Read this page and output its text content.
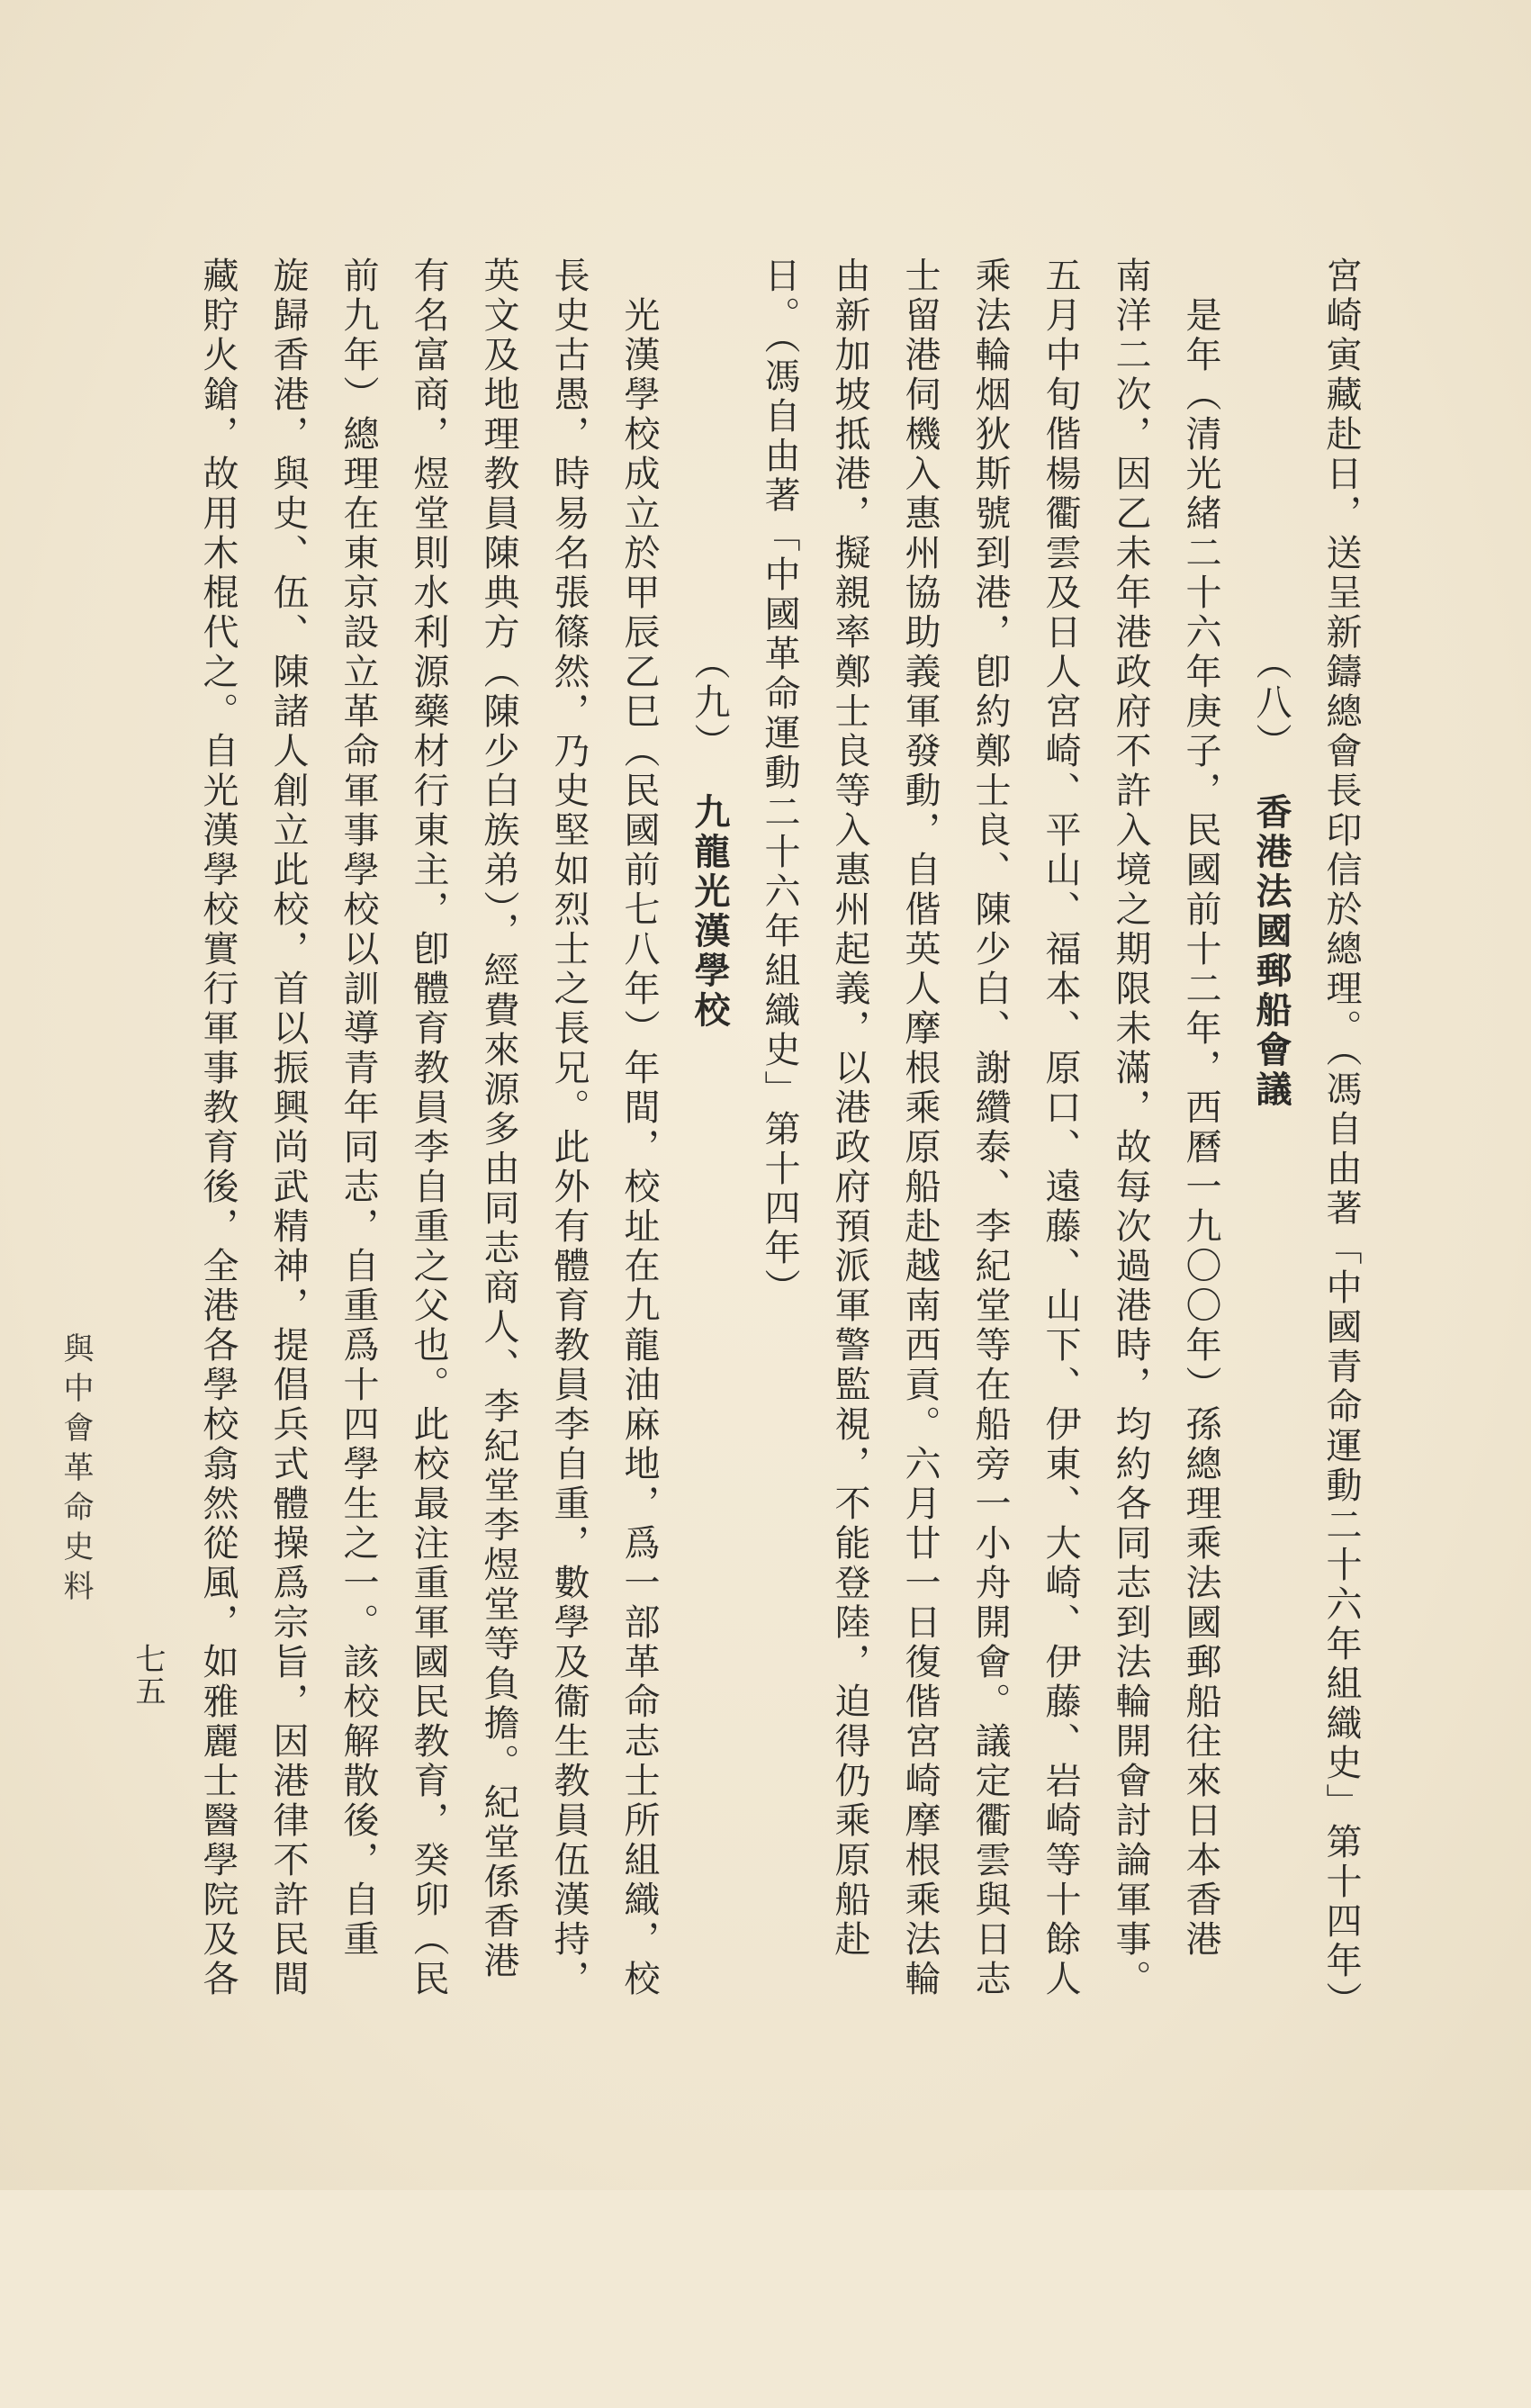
宮崎寅藏赴日，送呈新鑄總會長印信於總理。（馮自由著「中國青命運動二十六年組織史」第十四年）
（八）香港法國郵船會議
是年（清光緒二十六年庚子，民國前十二年，西曆一九〇〇年）孫總理乘法國郵船往來日本香港
南洋二次，因乙未年港政府不許入境之期限未滿，故每次過港時，均約各同志到法輪開會討論軍事。
五月中旬偕楊衢雲及日人宮崎、平山、福本、原口、遠藤、山下、伊東、大崎、伊藤、岩崎等十餘人
乘法輪烟狄斯號到港，卽約鄭士良、陳少白、謝纘泰、李紀堂等在船旁一小舟開會。議定衢雲與日志
士留港伺機入惠州協助義軍發動，自偕英人摩根乘原船赴越南西貢。六月廿一日復偕宮崎摩根乘法輪
由新加坡抵港，擬親率鄭士良等入惠州起義，以港政府預派軍警監視，不能登陸，迫得仍乘原船赴
日。（馮自由著「中國革命運動二十六年組織史」第十四年）
（九）九龍光漢學校
光漢學校成立於甲辰乙巳（民國前七八年）年間，校址在九龍油麻地，爲一部革命志士所組織，校
長史古愚，時易名張篠然，乃史堅如烈士之長兄。此外有體育教員李自重，數學及衞生教員伍漢持，
英文及地理教員陳典方（陳少白族弟），經費來源多由同志商人、李紀堂李煜堂等負擔。紀堂係香港
有名富商，煜堂則水利源藥材行東主，卽體育教員李自重之父也。此校最注重軍國民教育，癸卯（民
前九年）總理在東京設立革命軍事學校以訓導青年同志，自重爲十四學生之一。該校解散後，自重
旋歸香港，與史、伍、陳諸人創立此校，首以振興尚武精神，提倡兵式體操爲宗旨，因港律不許民間
藏貯火鎗，故用木棍代之。自光漢學校實行軍事教育後，全港各學校翕然從風，如雅麗士醫學院及各
七五
與中會革命史料
